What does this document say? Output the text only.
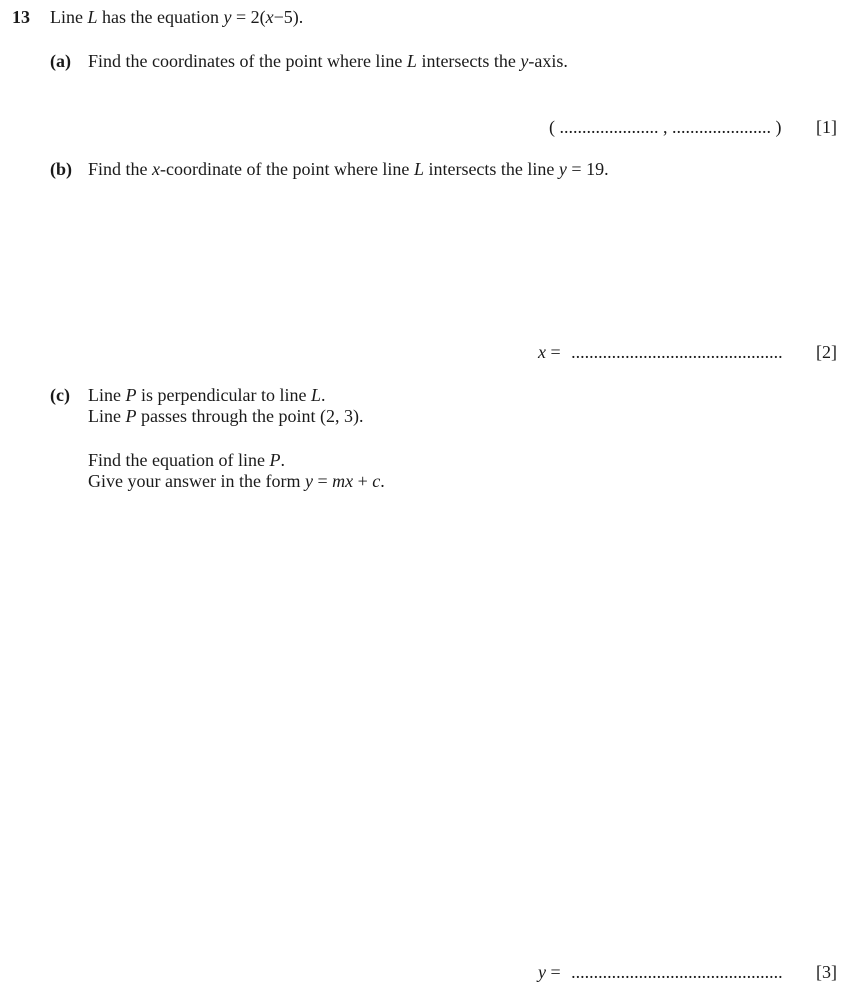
13 Line L has the equation y = 2(x−5).
(a) Find the coordinates of the point where line L intersects the y-axis.
( ...................... , ...................... ) [1]
(b) Find the x-coordinate of the point where line L intersects the line y = 19.
x = ............................................... [2]
(c) Line P is perpendicular to line L.
Line P passes through the point (2, 3).
Find the equation of line P.
Give your answer in the form y = mx + c.
y = ............................................... [3]
